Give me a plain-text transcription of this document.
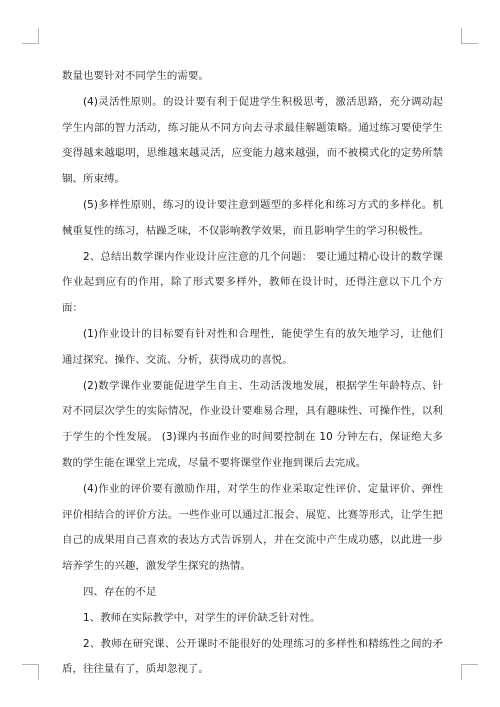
数量也要针对不同学生的需要。

(4)灵活性原则。的设计要有利于促进学生积极思考，激活思路，充分调动起学生内部的智力活动，练习能从不同方向去寻求最佳解题策略。通过练习要使学生变得越来越聪明，思维越来越灵活，应变能力越来越强，而不被模式化的定势所禁锢、所束缚。

(5)多样性原则，练习的设计要注意到题型的多样化和练习方式的多样化。机械重复性的练习，枯躁乏味，不仅影响教学效果，而且影响学生的学习积极性。

2、总结出数学课内作业设计应注意的几个问题： 要让通过精心设计的数学课作业起到应有的作用，除了形式要多样外，教师在设计时，还得注意以下几个方面：

(1)作业设计的目标要有针对性和合理性，能使学生有的放矢地学习，让他们通过探究、操作、交流、分析，获得成功的喜悦。

(2)数学课作业要能促进学生自主、生动活泼地发展，根据学生年龄特点、针对不同层次学生的实际情况，作业设计要难易合理，具有趣味性、可操作性，以利于学生的个性发展。 (3)课内书面作业的时间要控制在 10 分钟左右，保证绝大多数的学生能在课堂上完成，尽量不要将课堂作业拖到课后去完成。

(4)作业的评价要有激励作用，对学生的作业采取定性评价、定量评价、弹性评价相结合的评价方法。一些作业可以通过汇报会、展览、比赛等形式，让学生把自己的成果用自己喜欢的表达方式告诉别人，并在交流中产生成功感，以此进一步培养学生的兴趣，激发学生探究的热情。

四、存在的不足

1、教师在实际教学中，对学生的评价缺乏针对性。

2、教师在研究课、公开课时不能很好的处理练习的多样性和精练性之间的矛盾，往往量有了，质却忽视了。
